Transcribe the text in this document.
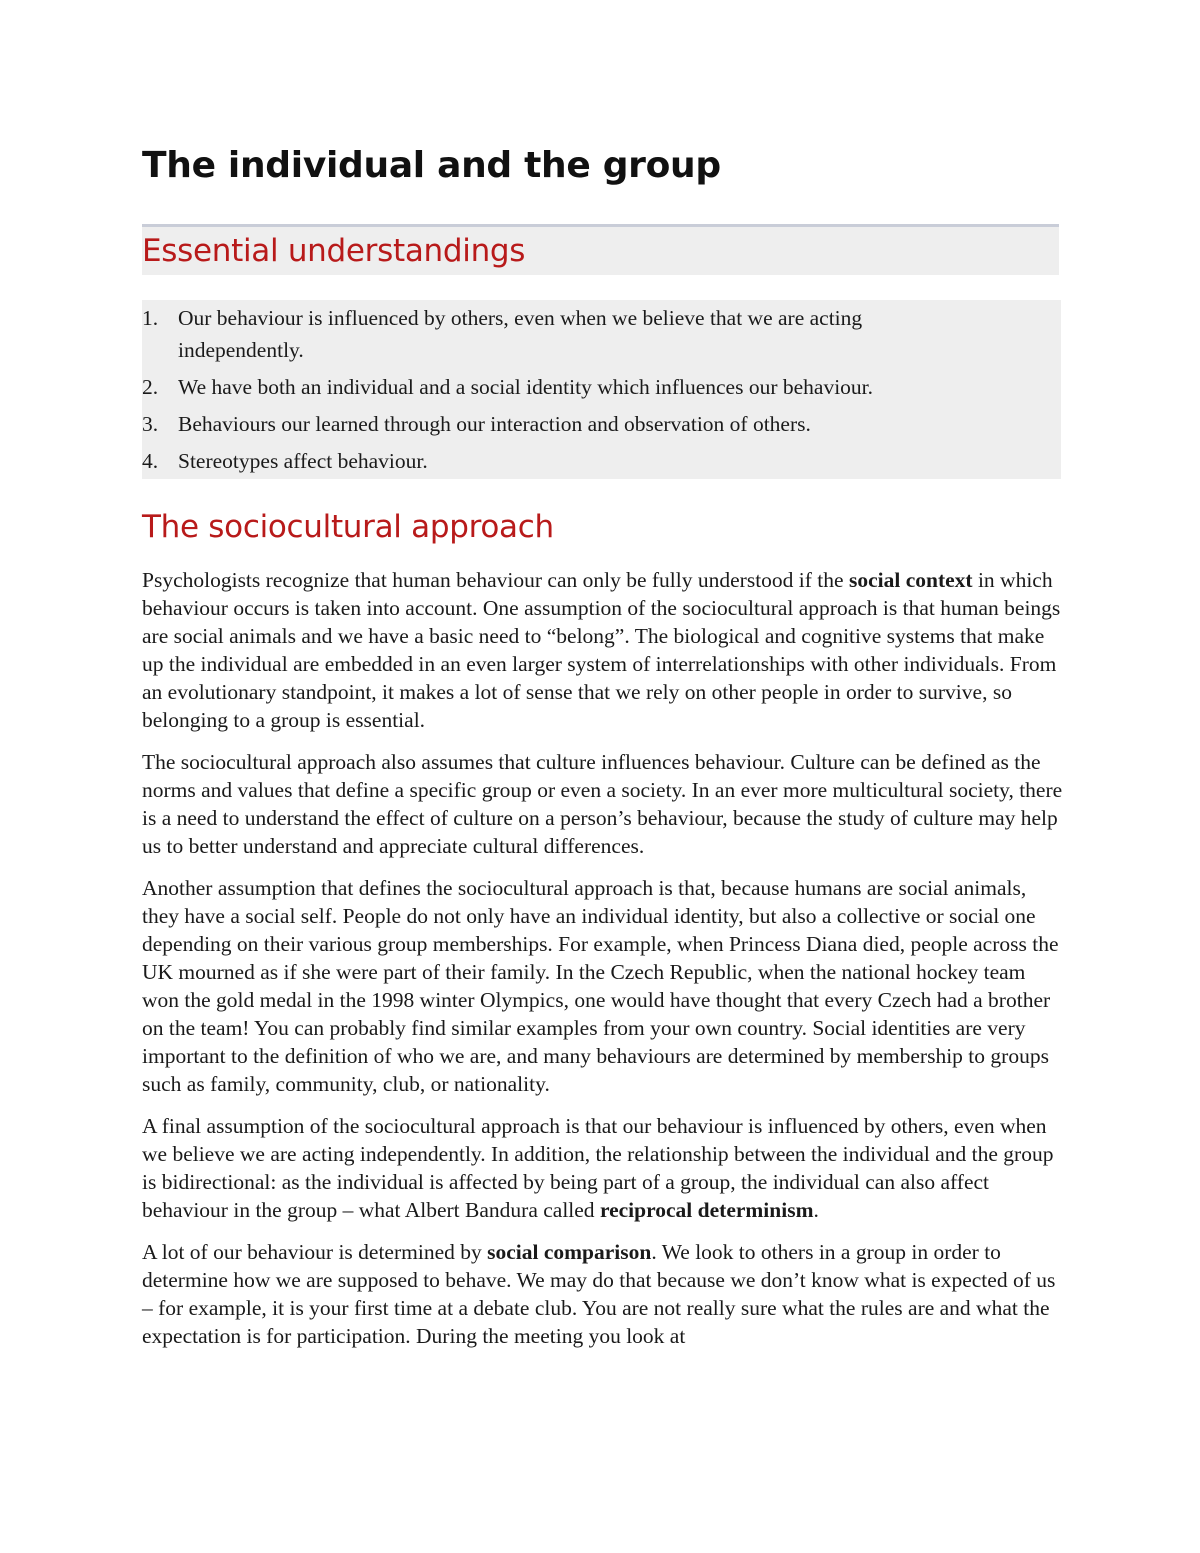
The individual and the group
Essential understandings
1. Our behaviour is influenced by others, even when we believe that we are acting
independently.
2. We have both an individual and a social identity which influences our behaviour.
3. Behaviours our learned through our interaction and observation of others.
4. Stereotypes affect behaviour.
The sociocultural approach

Psychologists recognize that human behaviour can only be fully understood if the social context in which behaviour occurs is taken into account. One assumption of the sociocultural approach is that human beings are social animals and we have a basic need to “belong”. The biological and cognitive systems that make up the individual are embedded in an even larger system of interrelationships with other individuals. From an evolutionary standpoint, it makes a lot of sense that we rely on other people in order to survive, so belonging to a group is essential.

The sociocultural approach also assumes that culture influences behaviour. Culture can be defined as the norms and values that define a specific group or even a society. In an ever more multicultural society, there is a need to understand the effect of culture on a person’s behaviour, because the study of culture may help us to better understand and appreciate cultural differences.

Another assumption that defines the sociocultural approach is that, because humans are social animals, they have a social self. People do not only have an individual identity, but also a collective or social one depending on their various group memberships. For example, when Princess Diana died, people across the UK mourned as if she were part of their family. In the Czech Republic, when the national hockey team won the gold medal in the 1998 winter Olympics, one would have thought that every Czech had a brother on the team! You can probably find similar examples from your own country. Social identities are very important to the definition of who we are, and many behaviours are determined by membership to groups such as family, community, club, or nationality.

A final assumption of the sociocultural approach is that our behaviour is influenced by others, even when we believe we are acting independently. In addition, the relationship between the individual and the group is bidirectional: as the individual is affected by being part of a group, the individual can also affect behaviour in the group – what Albert Bandura called reciprocal determinism.

A lot of our behaviour is determined by social comparison. We look to others in a group in order to determine how we are supposed to behave. We may do that because we don’t know what is expected of us – for example, it is your first time at a debate club. You are not really sure what the rules are and what the expectation is for participation. During the meeting you look at
